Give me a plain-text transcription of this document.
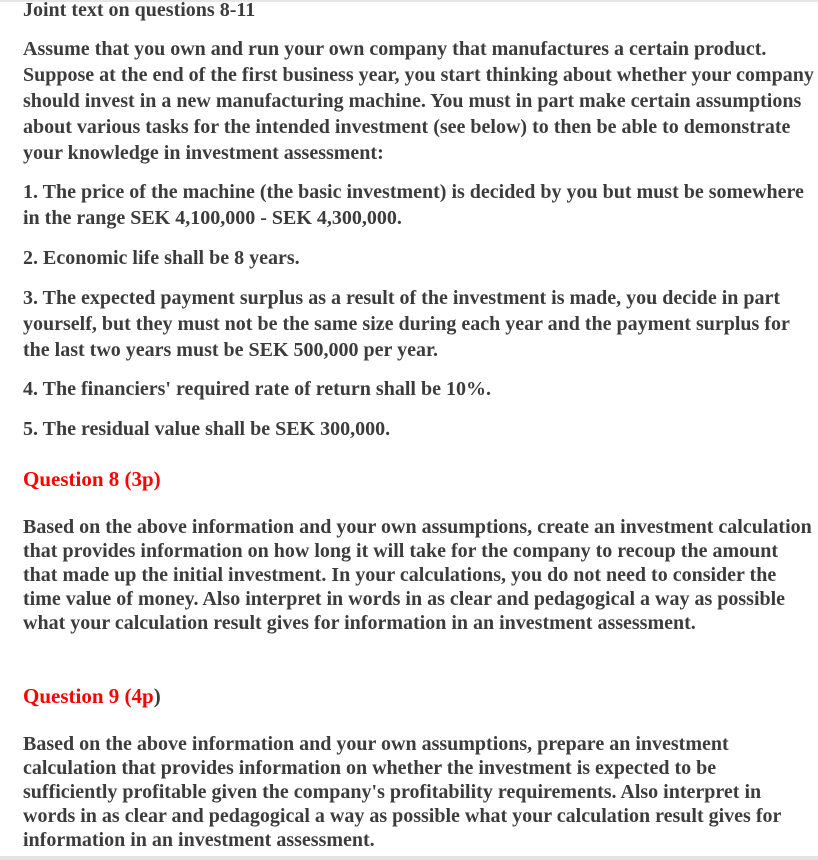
Joint text on questions 8-11

Assume that you own and run your own company that manufactures a certain product. Suppose at the end of the first business year, you start thinking about whether your company should invest in a new manufacturing machine. You must in part make certain assumptions about various tasks for the intended investment (see below) to then be able to demonstrate your knowledge in investment assessment:

1. The price of the machine (the basic investment) is decided by you but must be somewhere in the range SEK 4,100,000 - SEK 4,300,000.

2. Economic life shall be 8 years.

3. The expected payment surplus as a result of the investment is made, you decide in part yourself, but they must not be the same size during each year and the payment surplus for the last two years must be SEK 500,000 per year.

4. The financiers' required rate of return shall be 10%.

5. The residual value shall be SEK 300,000.

Question 8 (3p)

Based on the above information and your own assumptions, create an investment calculation that provides information on how long it will take for the company to recoup the amount that made up the initial investment. In your calculations, you do not need to consider the time value of money. Also interpret in words in as clear and pedagogical a way as possible what your calculation result gives for information in an investment assessment.

Question 9 (4p)

Based on the above information and your own assumptions, prepare an investment calculation that provides information on whether the investment is expected to be sufficiently profitable given the company's profitability requirements. Also interpret in words in as clear and pedagogical a way as possible what your calculation result gives for information in an investment assessment.
